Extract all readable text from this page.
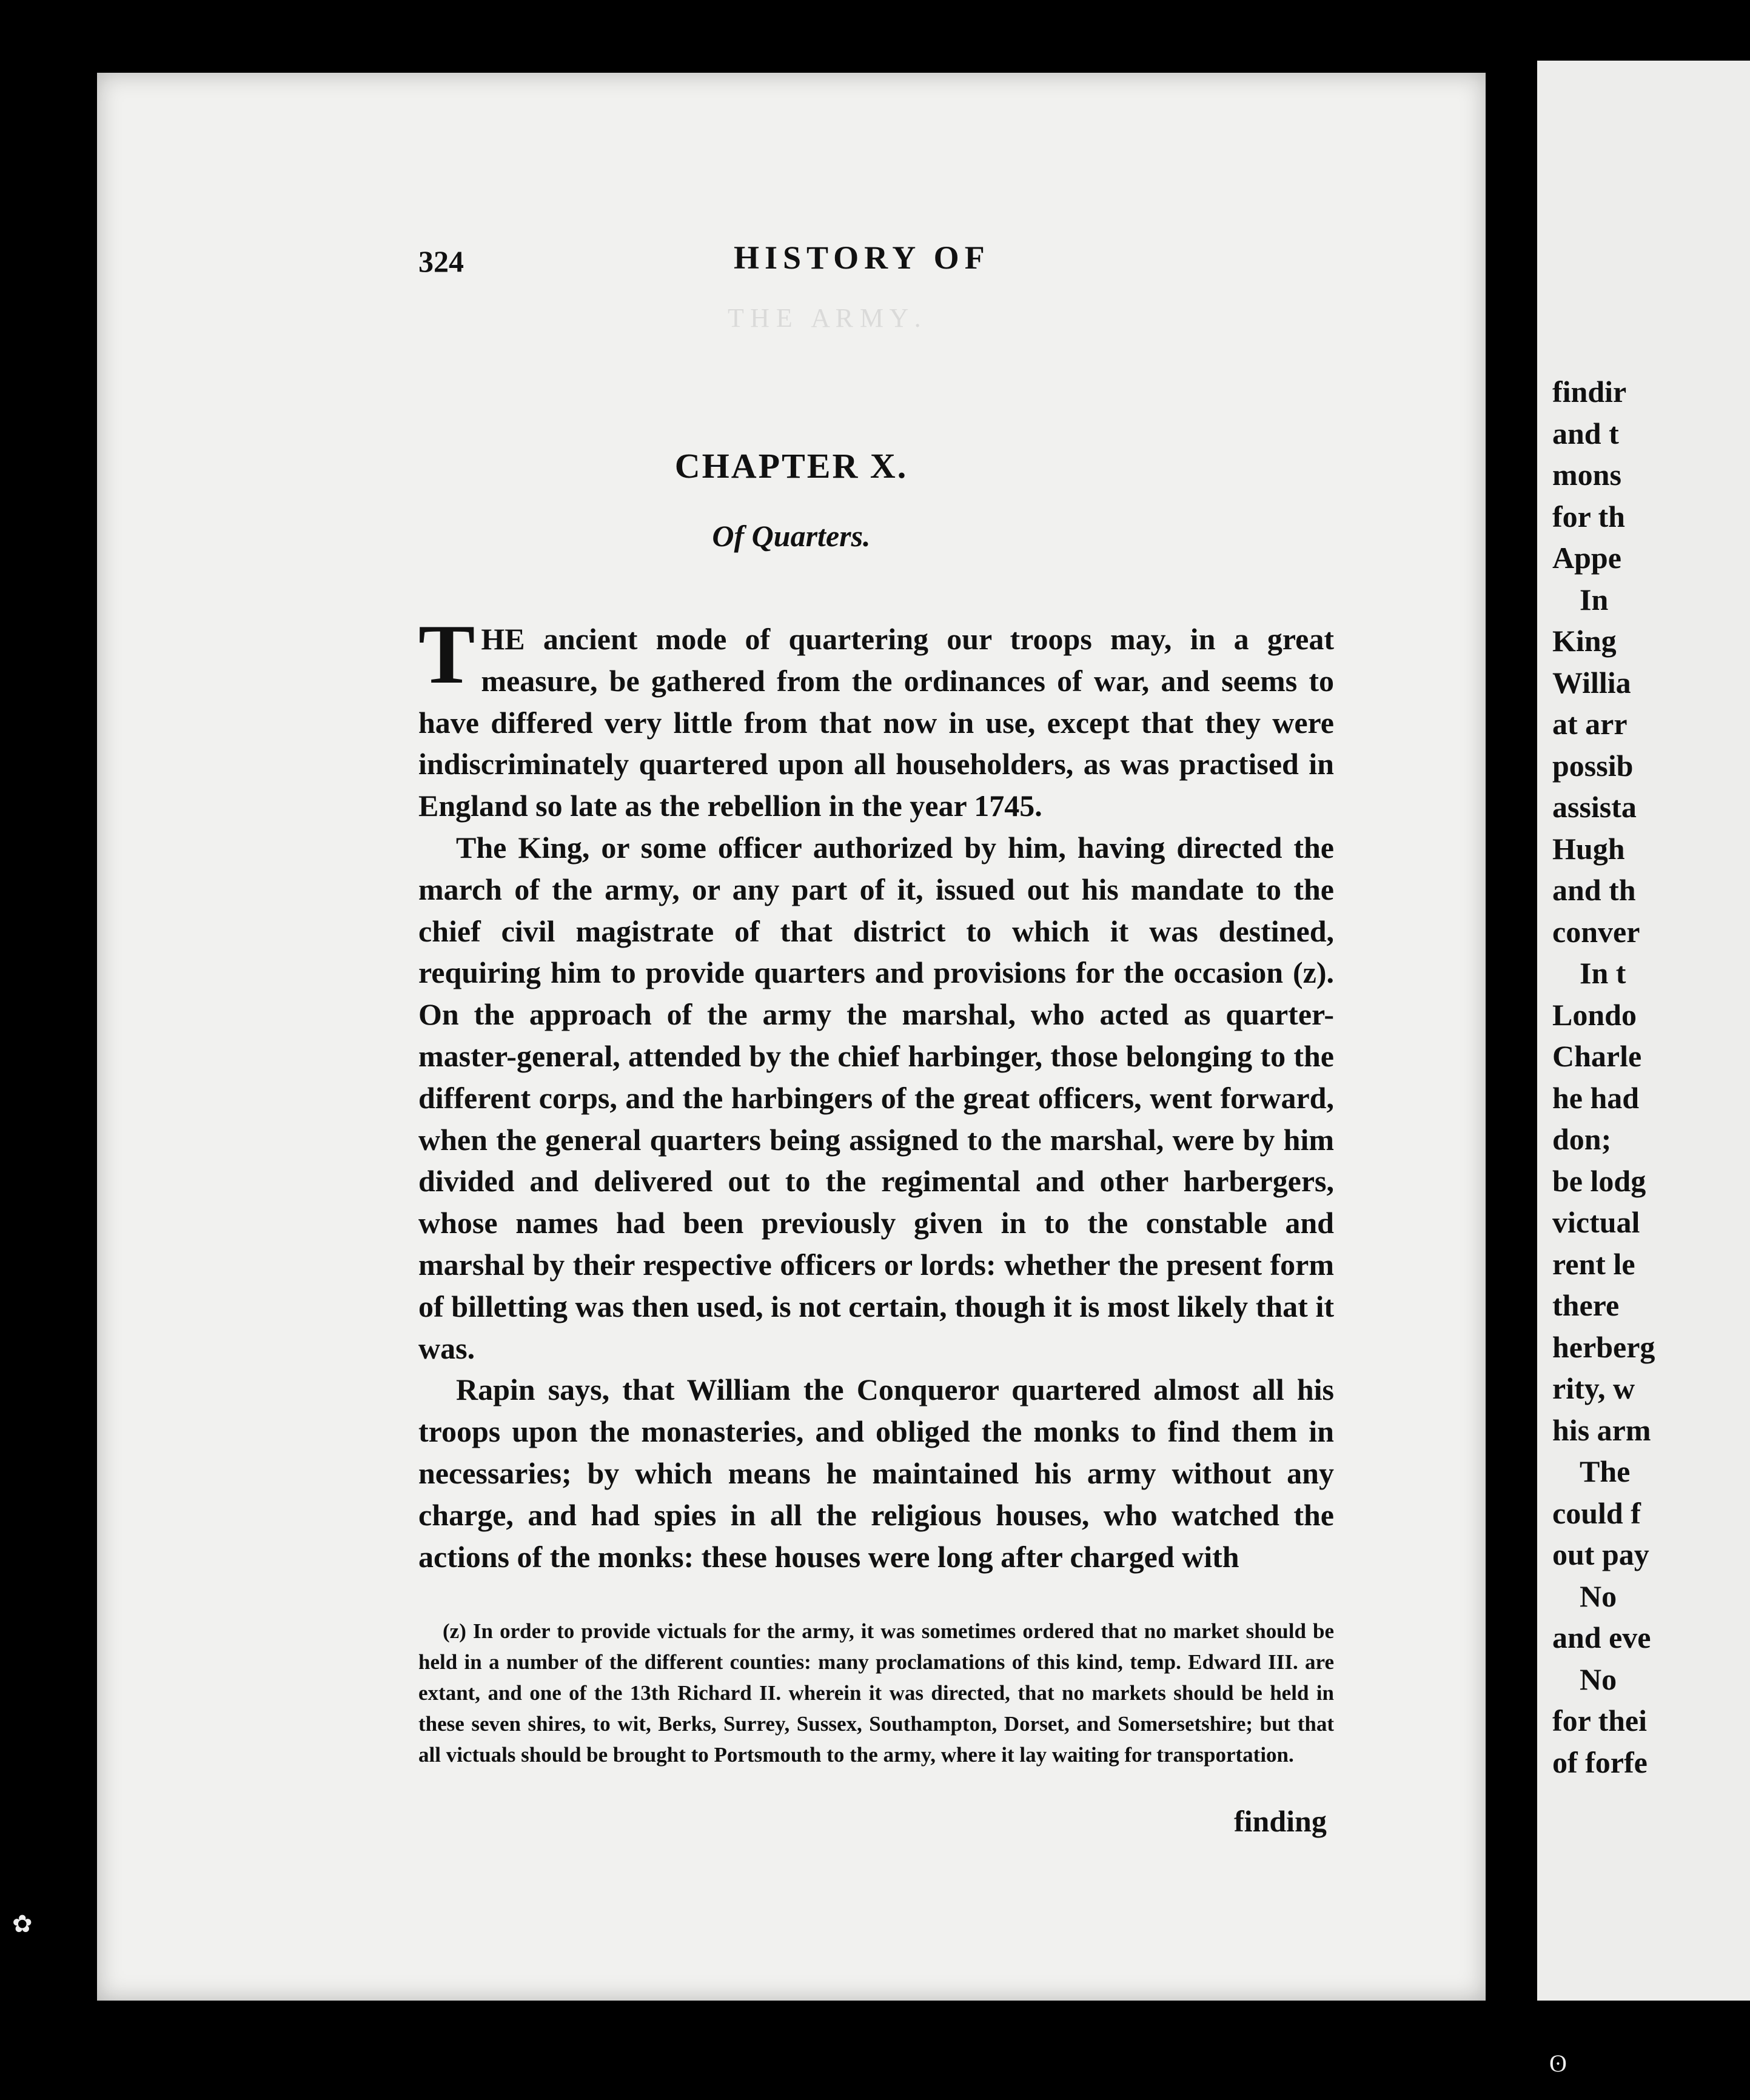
T H E   A R M Y .
324	HISTORY OF
CHAPTER X.
Of Quarters.

THE ancient mode of quartering our troops may, in a great measure, be gathered from the ordinances of war, and seems to have differed very little from that now in use, except that they were indiscriminately quartered upon all householders, as was practised in England so late as the rebellion in the year 1745.

The King, or some officer authorized by him, having directed the march of the army, or any part of it, issued out his mandate to the chief civil magistrate of that district to which it was destined, requiring him to provide quarters and provisions for the occasion (z). On the approach of the army the marshal, who acted as quarter-master-general, attended by the chief harbinger, those belonging to the different corps, and the harbingers of the great officers, went forward, when the general quarters being assigned to the marshal, were by him divided and delivered out to the regimental and other harbergers, whose names had been previously given in to the constable and marshal by their respective officers or lords: whether the present form of billetting was then used, is not certain, though it is most likely that it was.

Rapin says, that William the Conqueror quartered almost all his troops upon the monasteries, and obliged the monks to find them in necessaries; by which means he maintained his army without any charge, and had spies in all the religious houses, who watched the actions of the monks: these houses were long after charged with

(z) In order to provide victuals for the army, it was sometimes ordered that no market should be held in a number of the different counties: many proclamations of this kind, temp. Edward III. are extant, and one of the 13th Richard II. wherein it was directed, that no markets should be held in these seven shires, to wit, Berks, Surrey, Sussex, Southampton, Dorset, and Somersetshire; but that all victuals should be brought to Portsmouth to the army, where it lay waiting for transportation.
finding
findir
and t
mons
for th
Appe
In
King
Willia
at arr
possib
assista
Hugh
and th
conver
In t
Londo
Charle
he had
don;
be lodg
victual
rent le
there
herberg
rity, w
his arm
The
could f
out pay
No
and eve
No
for thei
of forfe
✿
ʘ
